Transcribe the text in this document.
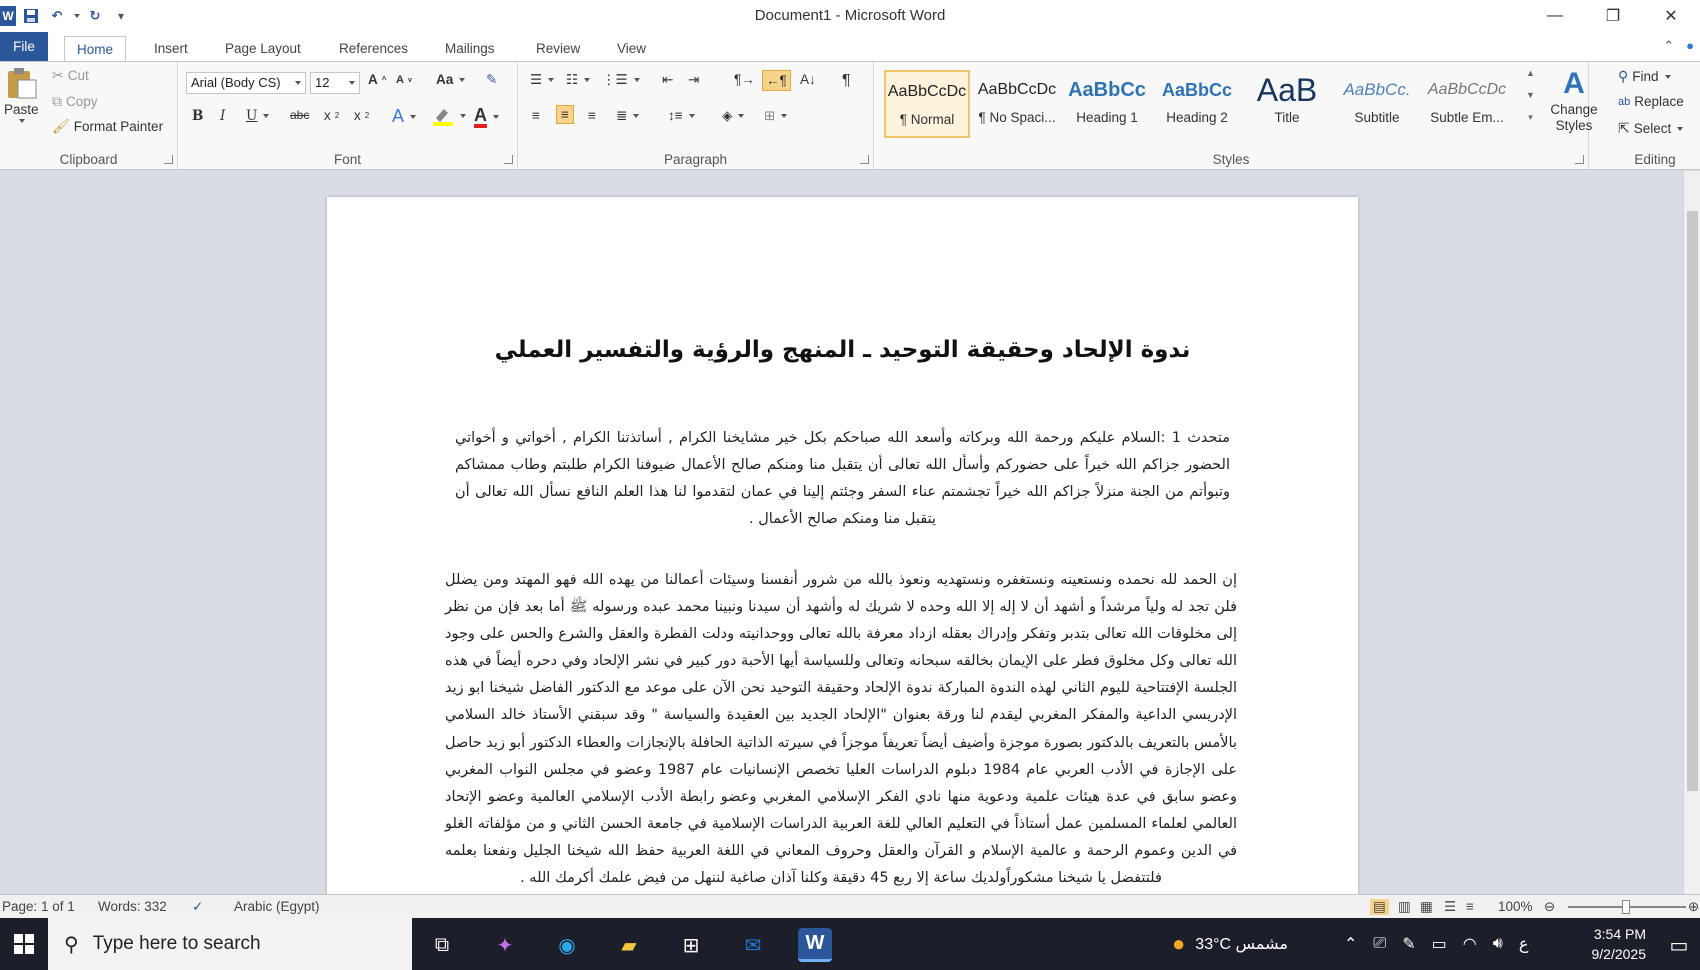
W	↶	↻	▾	Document1 - Microsoft Word	—	❐	✕
File	Home	Insert	Page Layout	References	Mailings	Review	View	⌃ ●
Paste
✂ Cut
⧉ Copy
🖌 Format Painter
Clipboard
Arial (Body CS)	12	A ^ A v Aa	✎
B I U	abc x 2 x 2 A	A
Font
☰	☷	⋮☰	⇤ ⇥	¶→ ←¶ A↓ ¶
≡	≡	≡ ≣	↕≡	◈	⊞
Paragraph
AaBbCcDc
¶ Normal
AaBbCcDc
¶ No Spaci...
AaBbCc
Heading 1
AaBbCc
Heading 2
AaB
Title
AaBbCc.
Subtitle
AaBbCcDc
Subtle Em...
▲
▼
▾
A
Change Styles
Styles
⚲ Find
ab Replace
⇱ Select
Editing
ندوة الإلحاد وحقيقة التوحيد ـ المنهج والرؤية والتفسير العملي
متحدث 1 :السلام عليكم ورحمة الله وبركاته وأسعد الله صباحكم بكل خير مشايخنا الكرام , أساتذتنا الكرام , أخواتي و أخواتي الحضور جزاكم الله خيراً على حضوركم وأسأل الله تعالى أن يتقبل منا ومنكم صالح الأعمال ضيوفنا الكرام طلبتم وطاب ممشاكم وتبوأتم من الجنة منزلاً جزاكم الله خيراً تجشمتم عناء السفر وجئتم إلينا في عمان لتقدموا لنا هذا العلم النافع نسأل الله تعالى أن يتقبل منا ومنكم صالح الأعمال .
إن الحمد لله نحمده ونستعينه ونستغفره ونستهديه ونعوذ بالله من شرور أنفسنا وسيئات أعمالنا من يهده الله فهو المهتد ومن يضلل فلن تجد له ولياً مرشداً و أشهد أن لا إله إلا الله وحده لا شريك له وأشهد أن سيدنا ونبينا محمد عبده ورسوله ﷺ أما بعد فإن من نظر إلى مخلوقات الله تعالى بتدبر وتفكر وإدراك بعقله ازداد معرفة بالله تعالى ووحدانيته ودلت الفطرة والعقل والشرع والحس على وجود الله تعالى وكل مخلوق فطر على الإيمان بخالقه سبحانه وتعالى وللسياسة أيها الأحبة دور كبير في نشر الإلحاد وفي دحره أيضاً في هذه الجلسة الإفتتاحية لليوم الثاني لهذه الندوة المباركة ندوة الإلحاد وحقيقة التوحيد نحن الآن على موعد مع الدكتور الفاضل شيخنا ابو زيد الإدريسي الداعية والمفكر المغربي ليقدم لنا ورقة بعنوان "الإلحاد الجديد بين العقيدة والسياسة " وقد سبقني الأستاذ خالد السلامي بالأمس بالتعريف بالدكتور بصورة موجزة وأضيف أيضاً تعريفاً موجزاً في سيرته الذاتية الحافلة بالإنجازات والعطاء الدكتور أبو زيد حاصل على الإجازة في الأدب العربي عام 1984 دبلوم الدراسات العليا تخصص الإنسانيات عام 1987 وعضو في مجلس النواب المغربي وعضو سابق في عدة هيئات علمية ودعوية منها نادي الفكر الإسلامي المغربي وعضو رابطة الأدب الإسلامي العالمية وعضو الإتحاد العالمي لعلماء المسلمين عمل أستاذاً في التعليم العالي للغة العربية الدراسات الإسلامية في جامعة الحسن الثاني و من مؤلفاته الغلو في الدين وعموم الرحمة و عالمية الإسلام و القرآن والعقل وحروف المعاني في اللغة العربية حفظ الله شيخنا الجليل ونفعنا بعلمه فلتتفضل يا شيخنا مشكوراًولديك ساعة إلا ربع 45 دقيقة وكلنا آذان صاغية لننهل من فيض علمك أكرمك الله .
Page: 1 of 1 Words: 332 ✓ Arabic (Egypt)	▤ ▥ ▦ ☰ ≡ 100% ⊖	⊕
⚲ Type here to search	⧉	✦	◉	▰	⊞	✉	W	● 33°C مشمس	⌃ ⎚ ✎ ▭ ◠ 🔊︎ ع
3:54 PM
9/2/2025	▭
